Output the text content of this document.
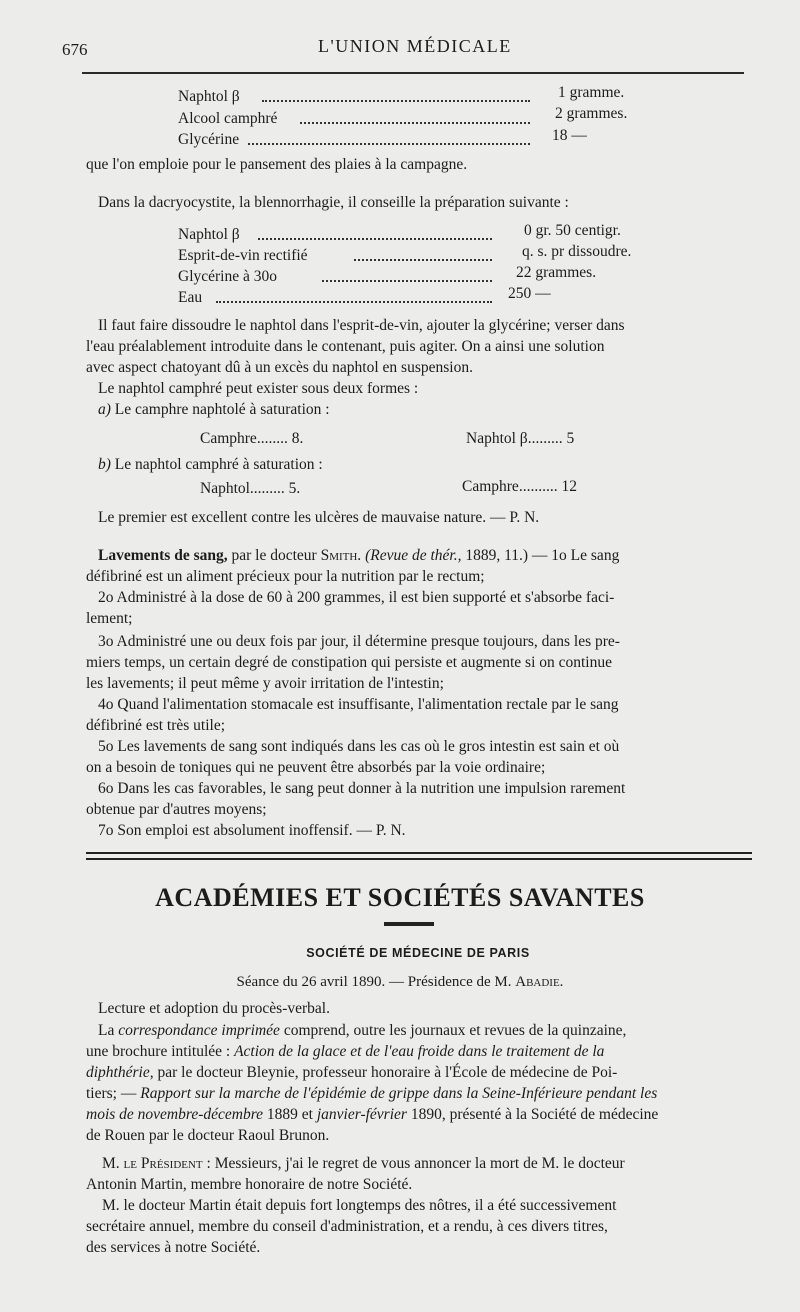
676	L'UNION MÉDICALE
Naphtol β	1 gramme.
Alcool camphré	2 grammes.
Glycérine	18 —
que l'on emploie pour le pansement des plaies à la campagne.
Dans la dacryocystite, la blennorrhagie, il conseille la préparation suivante :
Naphtol β	0 gr. 50 centigr.
Esprit-de-vin rectifié	q. s. pr dissoudre.
Glycérine à 30o	22 grammes.
Eau	250 —
Il faut faire dissoudre le naphtol dans l'esprit-de-vin, ajouter la glycérine; verser dans
l'eau préalablement introduite dans le contenant, puis agiter. On a ainsi une solution
avec aspect chatoyant dû à un excès du naphtol en suspension.
Le naphtol camphré peut exister sous deux formes :
a) Le camphre naphtolé à saturation :
Camphre........ 8.	Naphtol β......... 5
b) Le naphtol camphré à saturation :
Naphtol......... 5.	Camphre.......... 12
Le premier est excellent contre les ulcères de mauvaise nature. — P. N.
Lavements de sang, par le docteur Smith. (Revue de thér., 1889, 11.) — 1o Le sang
défibriné est un aliment précieux pour la nutrition par le rectum;
2o Administré à la dose de 60 à 200 grammes, il est bien supporté et s'absorbe faci-
lement;
3o Administré une ou deux fois par jour, il détermine presque toujours, dans les pre-
miers temps, un certain degré de constipation qui persiste et augmente si on continue
les lavements; il peut même y avoir irritation de l'intestin;
4o Quand l'alimentation stomacale est insuffisante, l'alimentation rectale par le sang
défibriné est très utile;
5o Les lavements de sang sont indiqués dans les cas où le gros intestin est sain et où
on a besoin de toniques qui ne peuvent être absorbés par la voie ordinaire;
6o Dans les cas favorables, le sang peut donner à la nutrition une impulsion rarement
obtenue par d'autres moyens;
7o Son emploi est absolument inoffensif. — P. N.
ACADÉMIES ET SOCIÉTÉS SAVANTES
SOCIÉTÉ DE MÉDECINE DE PARIS
Séance du 26 avril 1890. — Présidence de M. Abadie.
Lecture et adoption du procès-verbal.
La correspondance imprimée comprend, outre les journaux et revues de la quinzaine,
une brochure intitulée : Action de la glace et de l'eau froide dans le traitement de la
diphthérie, par le docteur Bleynie, professeur honoraire à l'École de médecine de Poi-
tiers; — Rapport sur la marche de l'épidémie de grippe dans la Seine-Inférieure pendant les
mois de novembre-décembre 1889 et janvier-février 1890, présenté à la Société de médecine
de Rouen par le docteur Raoul Brunon.
M. le Président : Messieurs, j'ai le regret de vous annoncer la mort de M. le docteur
Antonin Martin, membre honoraire de notre Société.
M. le docteur Martin était depuis fort longtemps des nôtres, il a été successivement
secrétaire annuel, membre du conseil d'administration, et a rendu, à ces divers titres,
des services à notre Société.
